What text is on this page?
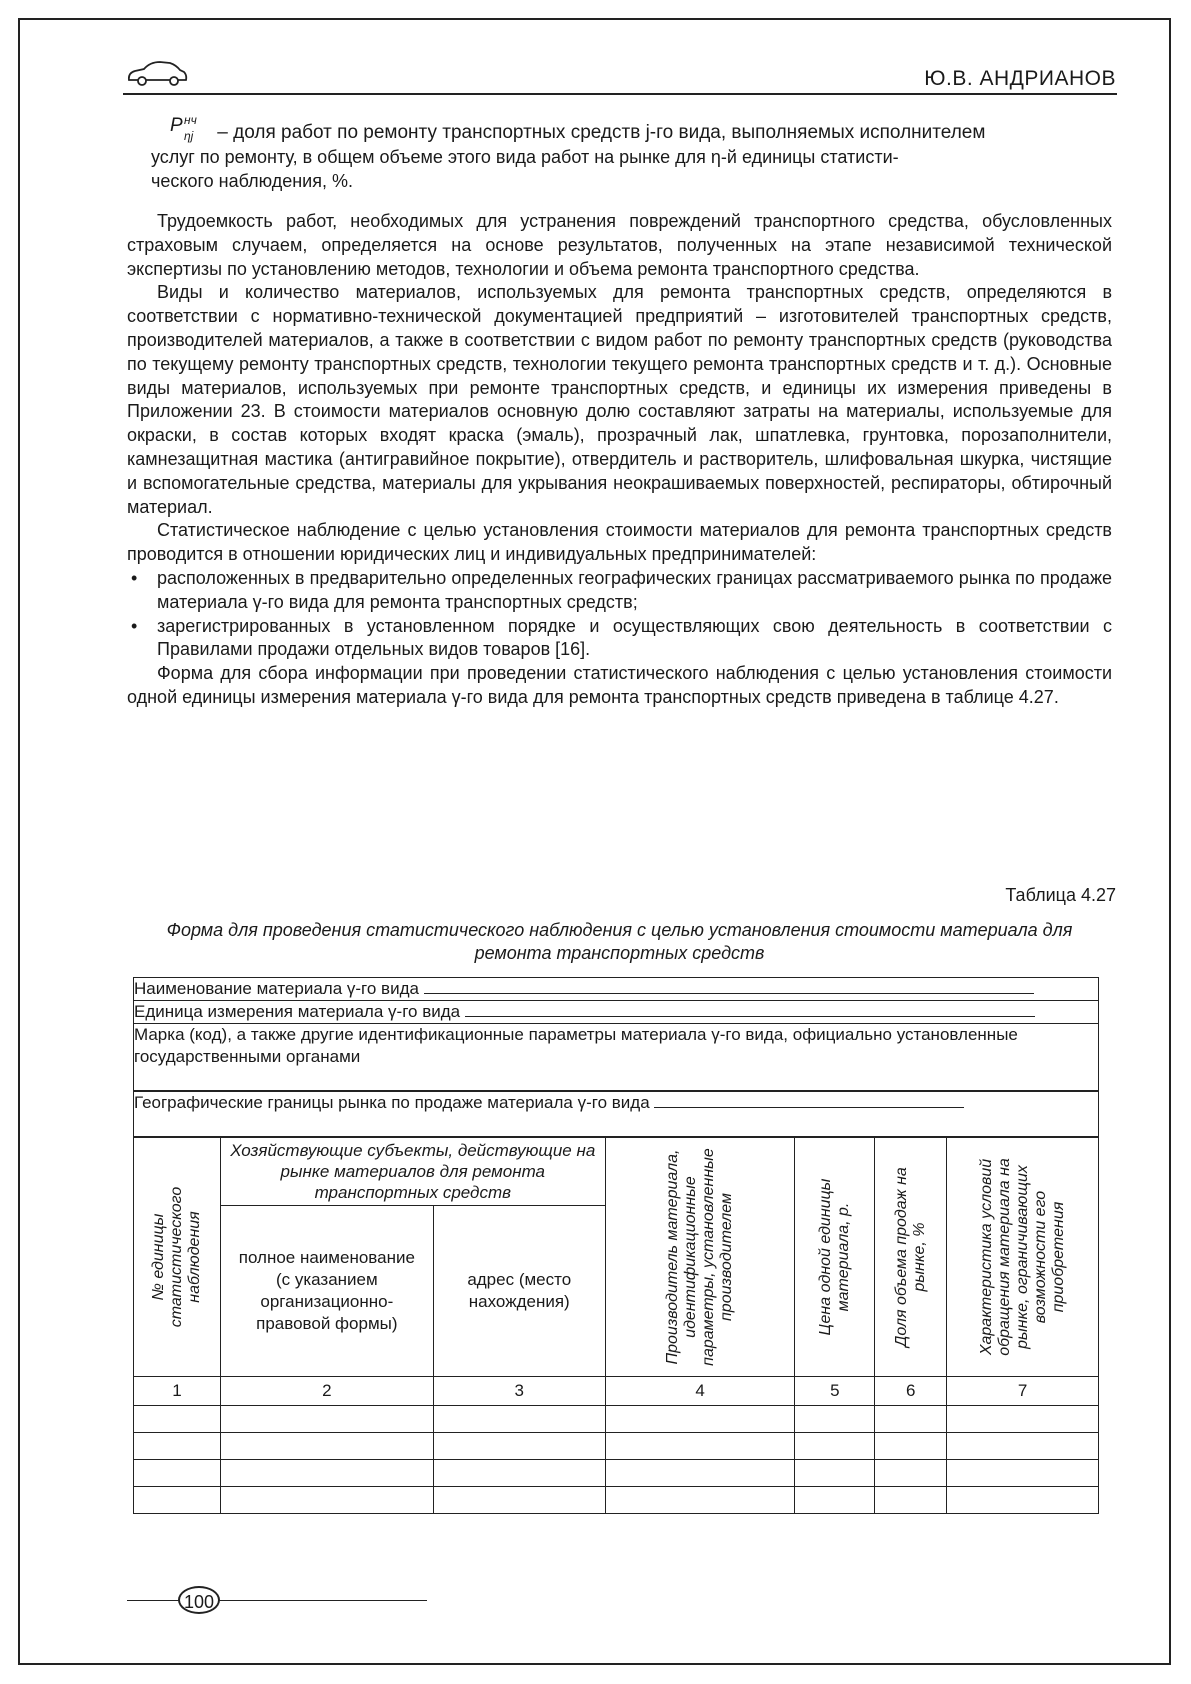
Ю.В. АНДРИАНОВ
P нч
ηj – доля работ по ремонту транспортных средств j-го вида, выполняемых исполнителем
услуг по ремонту, в общем объеме этого вида работ на рынке для η-й единицы статисти-
ческого наблюдения, %.

Трудоемкость работ, необходимых для устранения повреждений транспортного средства, обусловленных страховым случаем, определяется на основе результатов, полученных на этапе независимой технической экспертизы по установлению методов, технологии и объема ремонта транспортного средства.

Виды и количество материалов, используемых для ремонта транспортных средств, определяются в соответствии с нормативно-технической документацией предприятий – изготовителей транспортных средств, производителей материалов, а также в соответствии с видом работ по ремонту транспортных средств (руководства по текущему ремонту транспортных средств, технологии текущего ремонта транспортных средств и т. д.). Основные виды материалов, используемых при ремонте транспортных средств, и единицы их измерения приведены в Приложении 23. В стоимости материалов основную долю составляют затраты на материалы, используемые для окраски, в состав которых входят краска (эмаль), прозрачный лак, шпатлевка, грунтовка, порозаполнители, камнезащитная мастика (антигравийное покрытие), отвердитель и растворитель, шлифовальная шкурка, чистящие и вспомогательные средства, материалы для укрывания неокрашиваемых поверхностей, респираторы, обтирочный материал.

Статистическое наблюдение с целью установления стоимости материалов для ремонта транспортных средств проводится в отношении юридических лиц и индивидуальных предпринимателей:

• расположенных в предварительно определенных географических границах рассматриваемого рынка по продаже материала γ-го вида для ремонта транспортных средств;
• зарегистрированных в установленном порядке и осуществляющих свою деятельность в соответствии с Правилами продажи отдельных видов товаров [16].

Форма для сбора информации при проведении статистического наблюдения с целью установления стоимости одной единицы измерения материала γ-го вида для ремонта транспортных средств приведена в таблице 4.27.

Таблица 4.27
Форма для проведения статистического наблюдения с целью установления стоимости материала для ремонта транспортных средств
Наименование материала γ-го вида						
Единица измерения материала γ-го вида						
Марка (код), а также другие идентификационные параметры материала γ-го вида, официально установленные государственными органами						

Географические границы рынка по продаже материала γ-го вида						

№ единицы статистического наблюдения	Хозяйствующие субъекты, действующие на рынке материалов для ремонта транспортных средств		Производитель материала, идентификационные параметры, установленные производителем	Цена одной единицы материала, р.	Доля объема продаж на рынке, %	Характеристика условий обращения материала на рынке, ограничивающих возможности его приобретения

	полное наименование (с указанием организационно-правовой формы)	адрес (место нахождения)				
1	2	3	4	5	6	7

100
